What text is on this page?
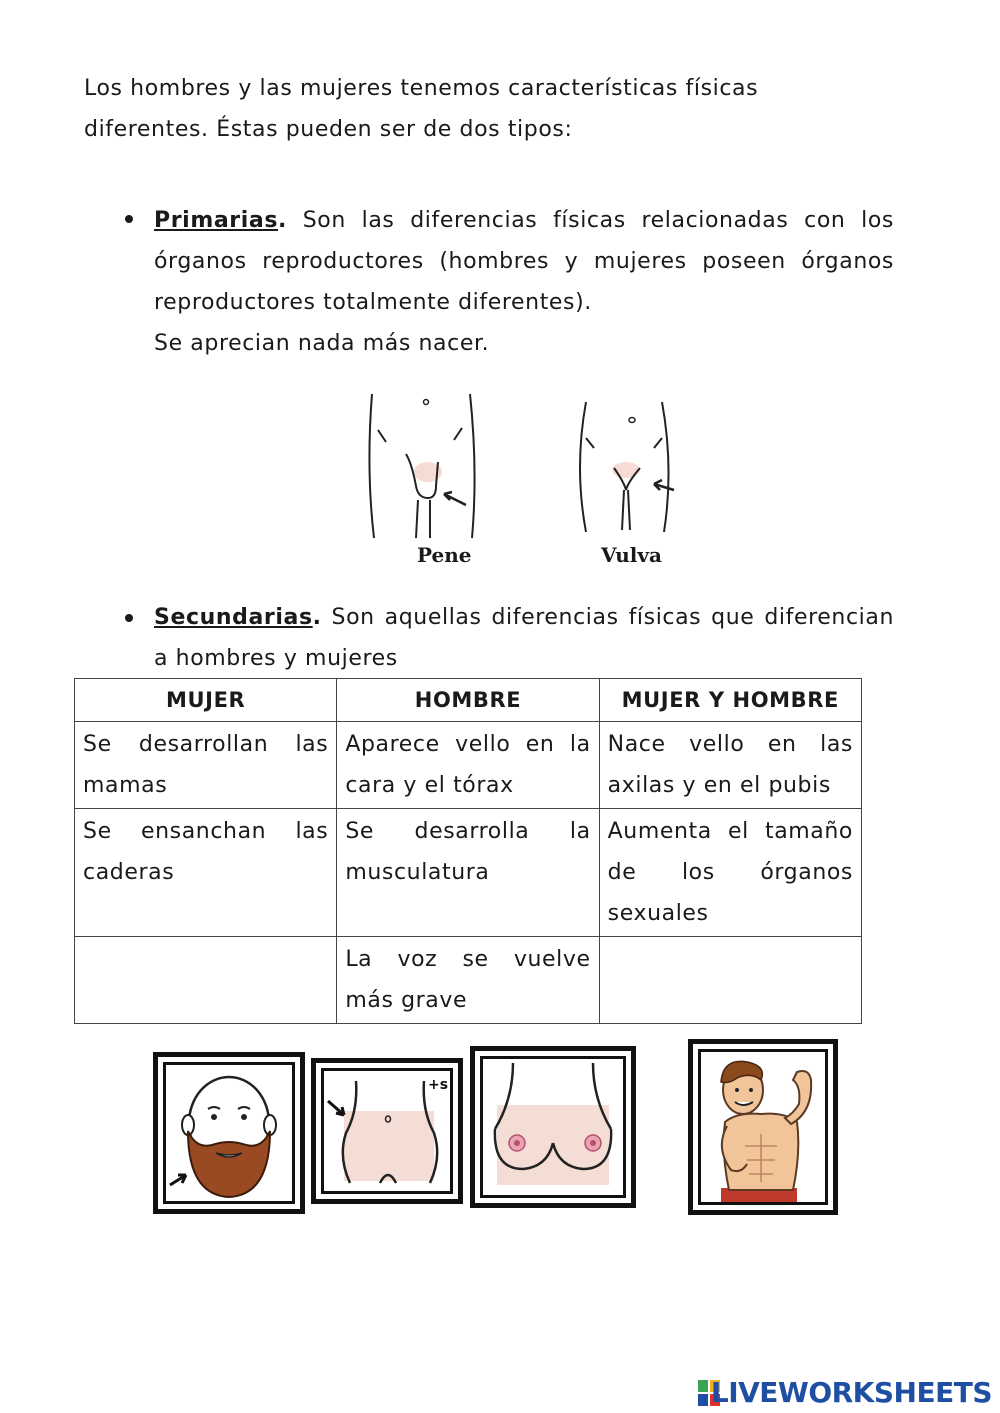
Los hombres y las mujeres tenemos características físicas
diferentes. Éstas pueden ser de dos tipos:
Primarias. Son las diferencias físicas relacionadas con los órganos reproductores (hombres y mujeres poseen órganos reproductores totalmente diferentes).
Se aprecian nada más nacer.
Pene	Vulva
Secundarias. Son aquellas diferencias físicas que diferencian a hombres y mujeres
MUJER	HOMBRE	MUJER Y HOMBRE
Se desarrollan las mamas	Aparece vello en la cara y el tórax	Nace vello en las axilas y en el pubis
Se ensanchan las caderas	Se desarrolla la musculatura	Aumenta el tamaño de los órganos sexuales
	La voz se vuelve más grave	
+s
LIVEWORKSHEETS
